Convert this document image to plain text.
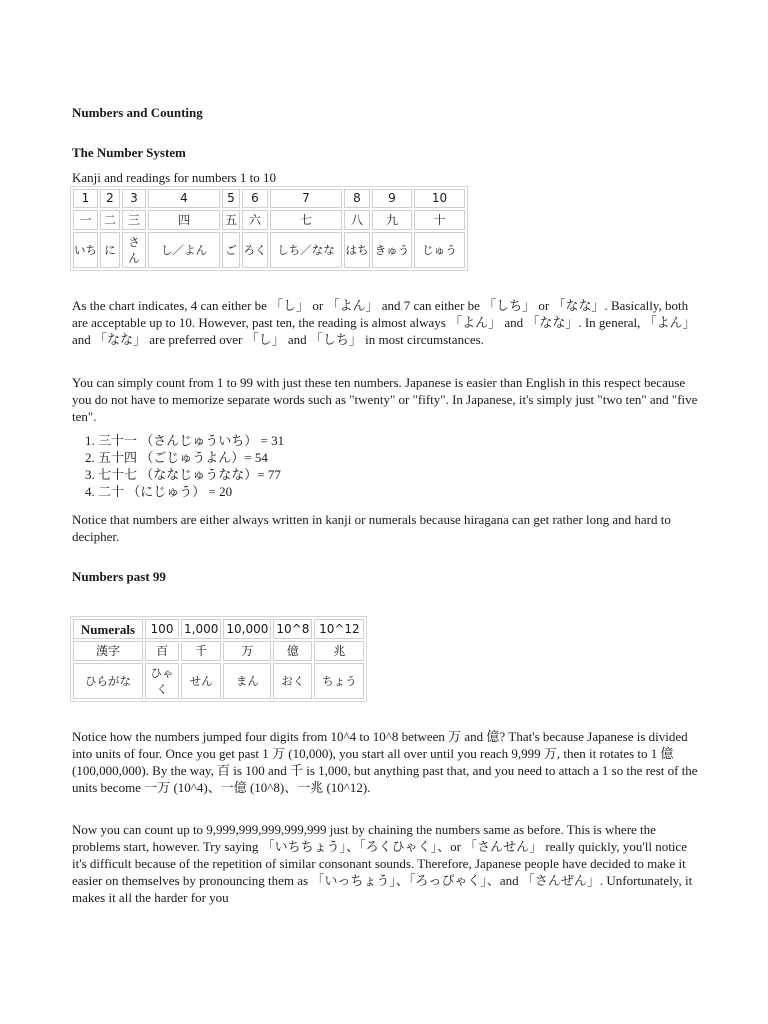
Numbers and Counting
The Number System

Kanji and readings for numbers 1 to 10

1	2	3	4	5	6	7	8	9	10
一	二	三	四	五	六	七	八	九	十
いち	に	さん	し／よん	ご	ろく	しち／なな	はち	きゅう	じゅう

As the chart indicates, 4 can either be 「し」 or 「よん」 and 7 can either be 「しち」 or 「なな」. Basically, both are acceptable up to 10. However, past ten, the reading is almost always 「よん」 and 「なな」. In general, 「よん」 and 「なな」 are preferred over 「し」 and 「しち」 in most circumstances.

You can simply count from 1 to 99 with just these ten numbers. Japanese is easier than English in this respect because you do not have to memorize separate words such as "twenty" or "fifty". In Japanese, it's simply just "two ten" and "five ten".

1. 三十一 （さんじゅういち） = 31
2. 五十四 （ごじゅうよん）= 54
3. 七十七 （ななじゅうなな）= 77
4. 二十 （にじゅう） = 20

Notice that numbers are either always written in kanji or numerals because hiragana can get rather long and hard to decipher.

Numbers past 99
Numerals	100	1,000	10,000	10^8	10^12
漢字	百	千	万	億	兆
ひらがな	ひゃく	せん	まん	おく	ちょう

Notice how the numbers jumped four digits from 10^4 to 10^8 between 万 and 億? That's because Japanese is divided into units of four. Once you get past 1 万 (10,000), you start all over until you reach 9,999 万, then it rotates to 1 億 (100,000,000). By the way, 百 is 100 and 千 is 1,000, but anything past that, and you need to attach a 1 so the rest of the units become 一万 (10^4)、一億 (10^8)、一兆 (10^12).

Now you can count up to 9,999,999,999,999,999 just by chaining the numbers same as before. This is where the problems start, however. Try saying 「いちちょう」、「ろくひゃく」、or 「さんせん」 really quickly, you'll notice it's difficult because of the repetition of similar consonant sounds. Therefore, Japanese people have decided to make it easier on themselves by pronouncing them as 「いっちょう」、「ろっぴゃく」、and 「さんぜん」. Unfortunately, it makes it all the harder for you
